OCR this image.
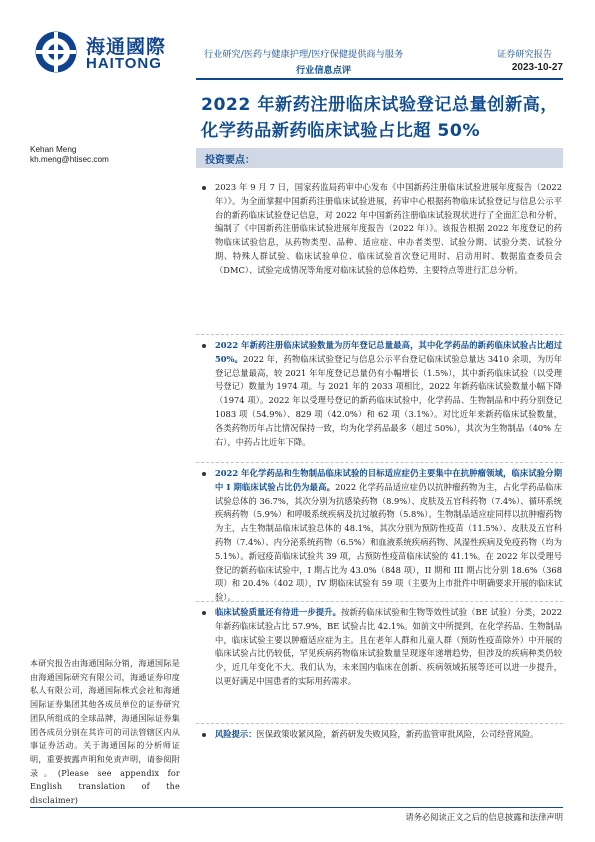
海通國際
HAITONG
行业研究/医药与健康护理/医疗保健提供商与服务
行业信息点评
证券研究报告
2023-10-27
2022 年新药注册临床试验登记总量创新高，化学药品新药临床试验占比超 50%
Kehan Meng
kh.meng@htisec.com	投资要点：
2023 年 9 月 7 日，国家药监局药审中心发布《中国新药注册临床试验进展年度报告（2022 年）》。为全面掌握中国新药注册临床试验进展，药审中心根据药物临床试验登记与信息公示平台的新药临床试验登记信息，对 2022 年中国新药注册临床试验现状进行了全面汇总和分析，编制了《中国新药注册临床试验进展年度报告（2022 年）》。该报告根据 2022 年度登记的药物临床试验信息，从药物类型、品种、适应症、申办者类型、试验分期、试验分类、试验分期、特殊人群试验、临床试验单位、临床试验首次登记用时、启动用时、数据监查委员会（DMC）、试验完成情况等角度对临床试验的总体趋势、主要特点等进行汇总分析。
2022 年新药注册临床试验数量为历年登记总量最高，其中化学药品的新药临床试验占比超过 50%。2022 年，药物临床试验登记与信息公示平台登记临床试验总量达 3410 余项，为历年登记总量最高，较 2021 年年度登记总量仍有小幅增长（1.5%），其中新药临床试验（以受理号登记）数量为 1974 项。与 2021 年的 2033 项相比，2022 年新药临床试验数量小幅下降（1974 项）。2022 年以受理号登记的新药临床试验中，化学药品、生物制品和中药分别登记 1083 项（54.9%）、829 项（42.0%）和 62 项（3.1%）。对比近年来新药临床试验数量，各类药物历年占比情况保持一致，均为化学药品最多（超过 50%），其次为生物制品（40% 左右），中药占比近年下降。
2022 年化学药品和生物制品临床试验的目标适应症仍主要集中在抗肿瘤领域，临床试验分期中 I 期临床试验占比仍为最高。2022 化学药品适应症仍以抗肿瘤药物为主，占化学药品临床试验总体的 36.7%，其次分别为抗感染药物（8.9%）、皮肤及五官科药物（7.4%）、循环系统疾病药物（5.9%）和呼吸系统疾病及抗过敏药物（5.8%）。生物制品适应症同样以抗肿瘤药物为主，占生物制品临床试验总体的 48.1%，其次分别为预防性疫苗（11.5%）、皮肤及五官科药物（7.4%）、内分泌系统药物（6.5%）和血液系统疾病药物、风湿性疾病及免疫药物（均为 5.1%）。新冠疫苗临床试验共 39 项，占预防性疫苗临床试验的 41.1%。在 2022 年以受理号登记的新药临床试验中，I 期占比为 43.0%（848 项），II 期和 III 期占比分别 18.6%（368 项）和 20.4%（402 项），IV 期临床试验有 59 项（主要为上市批件中明确要求开展的临床试验）。
临床试验质量还有待进一步提升。按新药临床试验和生物等效性试验（BE 试验）分类，2022 年新药临床试验占比 57.9%，BE 试验占比 42.1%。如前文中所提到，在化学药品、生物制品中，临床试验主要以肿瘤适应症为主。且在老年人群和儿童人群（预防性疫苗除外）中开展的临床试验占比仍较低，罕见疾病药物临床试验数量呈现逐年递增趋势，但涉及的疾病种类仍较少，近几年变化不大。我们认为，未来国内临床在创新、疾病领域拓展等还可以进一步提升，以更好满足中国患者的实际用药需求。
风险提示：医保政策收紧风险，新药研发失败风险，新药监管审批风险，公司经营风险。
本研究报告由海通国际分销，海通国际是由海通国际研究有限公司，海通证券印度私人有限公司，海通国际株式会社和海通国际证券集团其他各成员单位的证券研究团队所组成的全球品牌，海通国际证券集团各成员分别在其许可的司法管辖区内从事证券活动。关于海通国际的分析师证明，重要披露声明和免责声明，请参阅附录。(Please see appendix for English translation of the disclaimer)
请务必阅读正文之后的信息披露和法律声明
